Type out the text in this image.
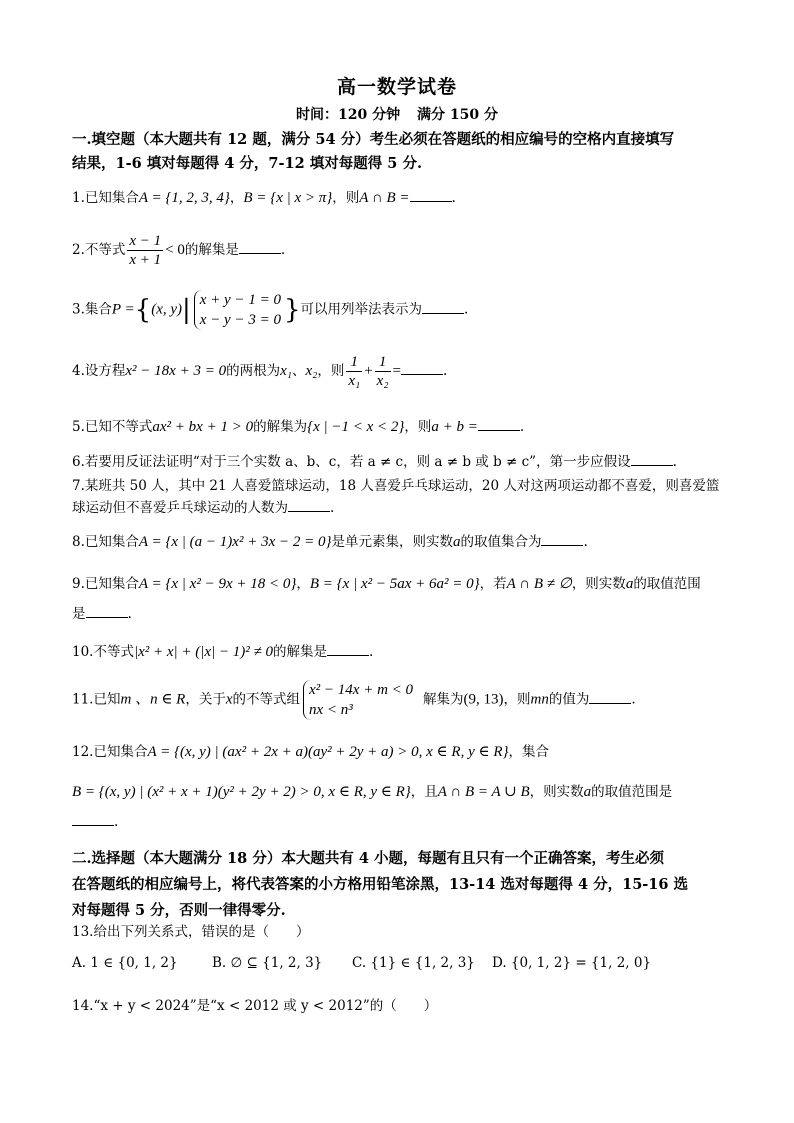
高一数学试卷
时间：120 分钟 满分 150 分
一.填空题（本大题共有 12 题，满分 54 分）考生必须在答题纸的相应编号的空格内直接填写
结果，1-6 填对每题得 4 分，7-12 填对每题得 5 分.
1.已知集合A = {1, 2, 3, 4}，B = {x | x > π}，则A ∩ B =	.
2.不等式 $\frac{x - 1}{x + 1} < 0$的解集是	.
3.集合P ={(x, y)| x + y − 1 = 0
x − y − 3 = 0 }可以用列举法表示为	.
4.设方程x² − 18x + 3 = 0的两根为x₁、x₂，则 $\frac{1}{\text{x₁}} + \frac{1}{\text{x₂}}$ =	.
5.已知不等式ax² + bx + 1 > 0的解集为{x | −1 < x < 2}，则a + b =	.
6.若要用反证法证明“对于三个实数 a、b、c，若 a ≠ c，则 a ≠ b 或 b ≠ c”，第一步应假设	.
7.某班共 50 人，其中 21 人喜爱篮球运动，18 人喜爱乒乓球运动，20 人对这两项运动都不喜爱，则喜爱篮
球运动但不喜爱乒乓球运动的人数为	.
8.已知集合A = {x | (a − 1)x² + 3x − 2 = 0}是单元素集，则实数a的取值集合为	.
9.已知集合A = {x | x² − 9x + 18 < 0}，B = {x | x² − 5ax + 6a² = 0}，若A ∩ B ≠ ∅，则实数a的取值范围
是	.
10.不等式|x² + x| + (|x| − 1)² ≠ 0的解集是	.
11.已知m 、n ∈ R，关于x的不等式组
x² − 14x + m < 0
nx < n³
解集为(9, 13)，则mn的值为	.
12.已知集合A = {(x, y) | (ax² + 2x + a)(ay² + 2y + a) > 0, x ∈ R, y ∈ R}，集合
B = {(x, y) | (x² + x + 1)(y² + 2y + 2) > 0, x ∈ R, y ∈ R}，且A ∩ B = A ∪ B，则实数a的取值范围是
.
二.选择题（本大题满分 18 分）本大题共有 4 小题，每题有且只有一个正确答案，考生必须
在答题纸的相应编号上，将代表答案的小方格用铅笔涂黑，13-14 选对每题得 4 分，15-16 选
对每题得 5 分，否则一律得零分.
13.给出下列关系式，错误的是（　　）
A. 1 ∈ {0, 1, 2}	B. ∅ ⊆ {1, 2, 3} C. {1} ∈ {1, 2, 3} D. {0, 1, 2} = {1, 2, 0}
14.“x + y < 2024”是“x < 2012 或 y < 2012”的（　　）
